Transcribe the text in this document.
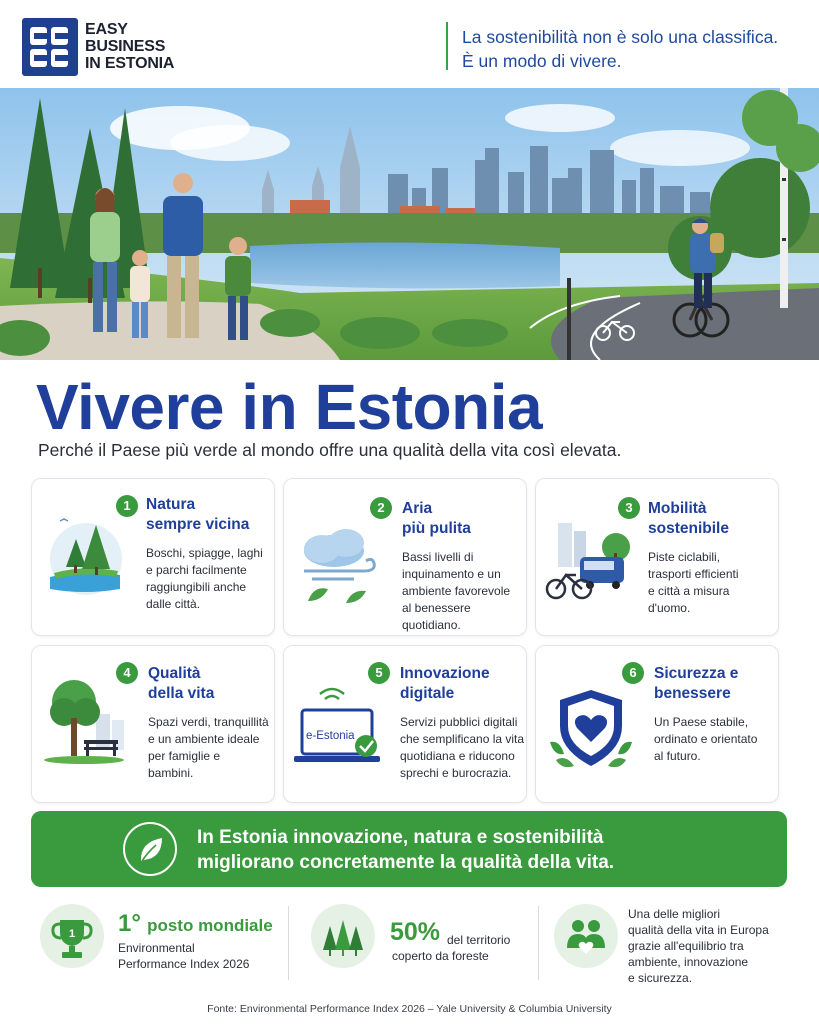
EASY
BUSINESS
IN ESTONIA
La sostenibilità non è solo una classifica.
È un modo di vivere.
Vivere in Estonia
Perché il Paese più verde al mondo offre una qualità della vita così elevata.
1 Natura
sempre vicina
Boschi, spiagge, laghi
e parchi facilmente
raggiungibili anche
dalle città.
2	Aria
più pulita
Bassi livelli di
inquinamento e un
ambiente favorevole
al benessere quotidiano.
3 Mobilità
sostenibile
Piste ciclabili,
trasporti efficienti
e città a misura
d'uomo.
4	Qualità
della vita
Spazi verdi, tranquillità
e un ambiente ideale
per famiglie e
bambini.
e-Estonia
5	Innovazione
digitale
Servizi pubblici digitali
che semplificano la vita
quotidiana e riducono
sprechi e burocrazia.
6	Sicurezza e
benessere
Un Paese stabile,
ordinato e orientato
al futuro.
In Estonia innovazione, natura e sostenibilità
migliorano concretamente la qualità della vita.
1 1° posto mondiale
Environmental
Performance Index 2026
50% del territorio
coperto da foreste
Una delle migliori
qualità della vita in Europa
grazie all'equilibrio tra
ambiente, innovazione
e sicurezza.
Fonte: Environmental Performance Index 2026 – Yale University & Columbia University
